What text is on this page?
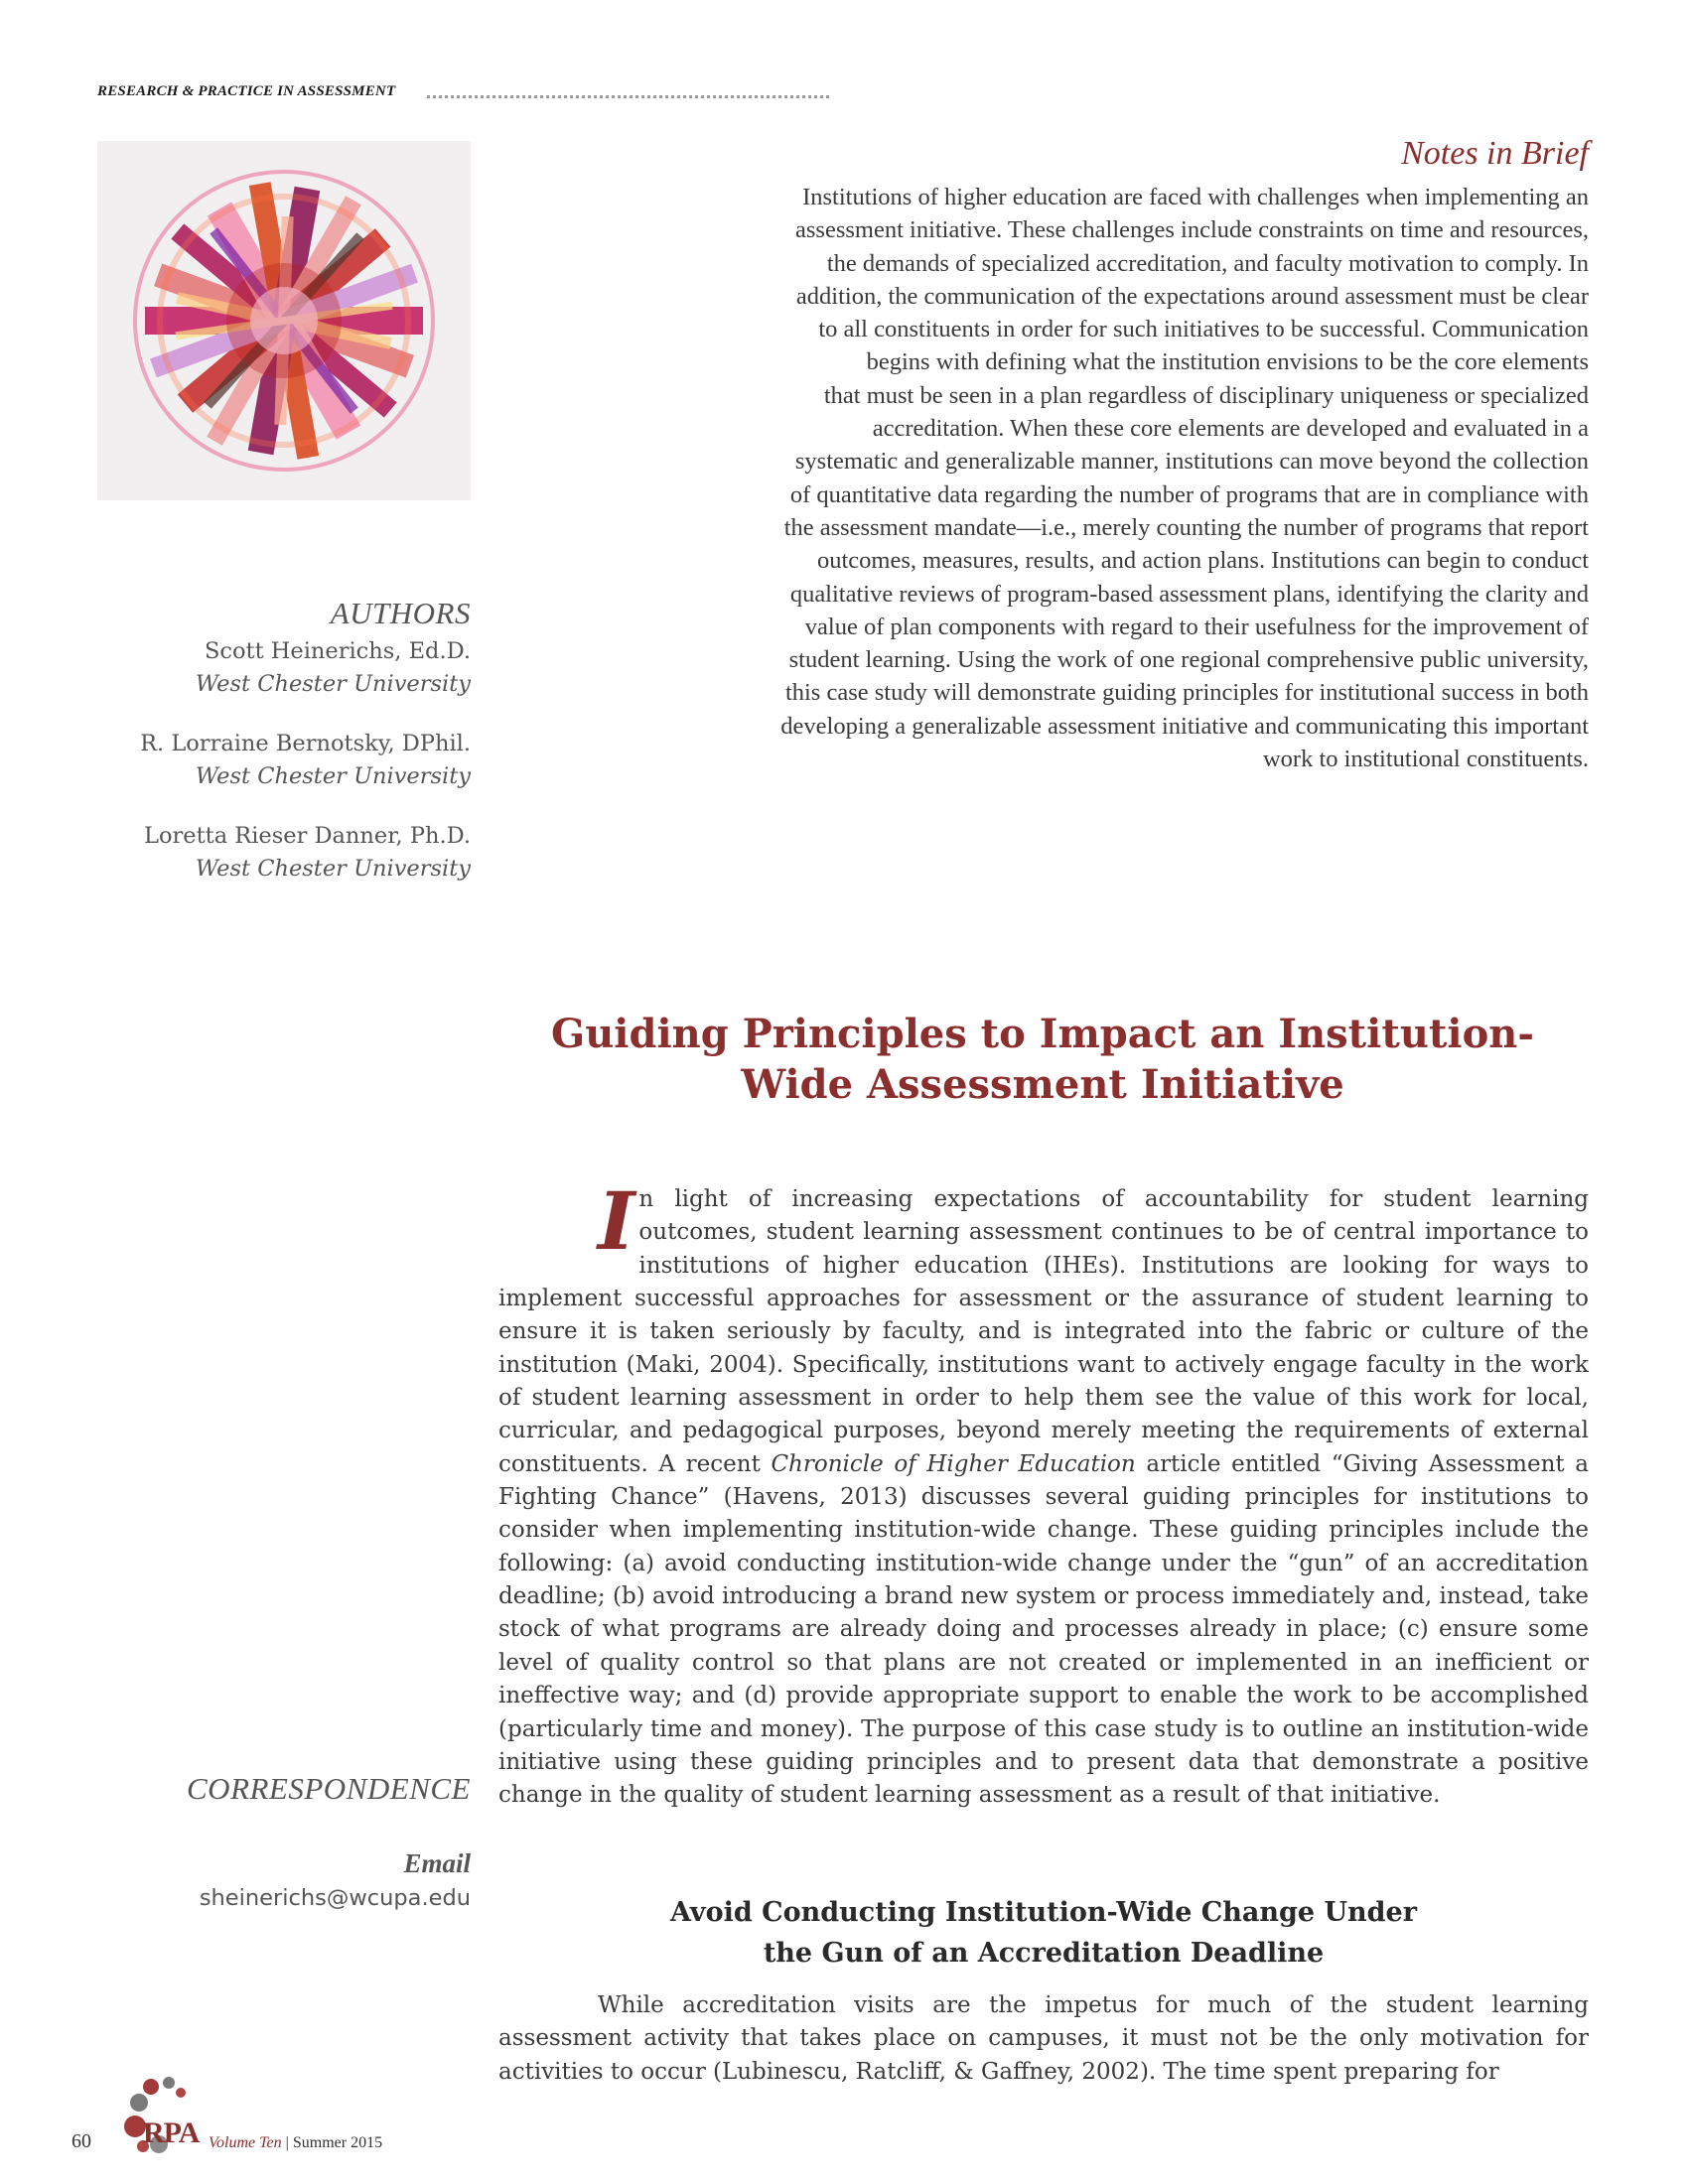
RESEARCH & PRACTICE IN ASSESSMENT
Notes in Brief
Institutions of higher education are faced with challenges when implementing an
assessment initiative. These challenges include constraints on time and resources,
the demands of specialized accreditation, and faculty motivation to comply. In
addition, the communication of the expectations around assessment must be clear
to all constituents in order for such initiatives to be successful. Communication
begins with defining what the institution envisions to be the core elements
that must be seen in a plan regardless of disciplinary uniqueness or specialized
accreditation. When these core elements are developed and evaluated in a
systematic and generalizable manner, institutions can move beyond the collection
of quantitative data regarding the number of programs that are in compliance with
the assessment mandate—i.e., merely counting the number of programs that report
outcomes, measures, results, and action plans. Institutions can begin to conduct
qualitative reviews of program-based assessment plans, identifying the clarity and
value of plan components with regard to their usefulness for the improvement of
student learning. Using the work of one regional comprehensive public university,
this case study will demonstrate guiding principles for institutional success in both
developing a generalizable assessment initiative and communicating this important
work to institutional constituents.
AUTHORS
Scott Heinerichs, Ed.D.
West Chester University
R. Lorraine Bernotsky, DPhil.
West Chester University
Loretta Rieser Danner, Ph.D.
West Chester University
Guiding Principles to Impact an Institution-
Wide Assessment Initiative

In light of increasing expectations of accountability for student learning outcomes, student learning assessment continues to be of central importance to institutions of higher education (IHEs). Institutions are looking for ways to implement successful approaches for assessment or the assurance of student learning to ensure it is taken seriously by faculty, and is integrated into the fabric or culture of the institution (Maki, 2004). Specifically, institutions want to actively engage faculty in the work of student learning assessment in order to help them see the value of this work for local, curricular, and pedagogical purposes, beyond merely meeting the requirements of external constituents. A recent Chronicle of Higher Education article entitled “Giving Assessment a Fighting Chance” (Havens, 2013) discusses several guiding principles for institutions to consider when implementing institution-wide change. These guiding principles include the following: (a) avoid conducting institution-wide change under the “gun” of an accreditation deadline; (b) avoid introducing a brand new system or process immediately and, instead, take stock of what programs are already doing and processes already in place; (c) ensure some level of quality control so that plans are not created or implemented in an inefficient or ineffective way; and (d) provide appropriate support to enable the work to be accomplished (particularly time and money). The purpose of this case study is to outline an institution-wide initiative using these guiding principles and to present data that demonstrate a positive change in the quality of student learning assessment as a result of that initiative.

CORRESPONDENCE
Email
sheinerichs@wcupa.edu	Avoid Conducting Institution-Wide Change Under
the Gun of an Accreditation Deadline

While accreditation visits are the impetus for much of the student learning assessment activity that takes place on campuses, it must not be the only motivation for activities to occur (Lubinescu, Ratcliff, & Gaffney, 2002). The time spent preparing for

60 RPA Volume Ten | Summer 2015
